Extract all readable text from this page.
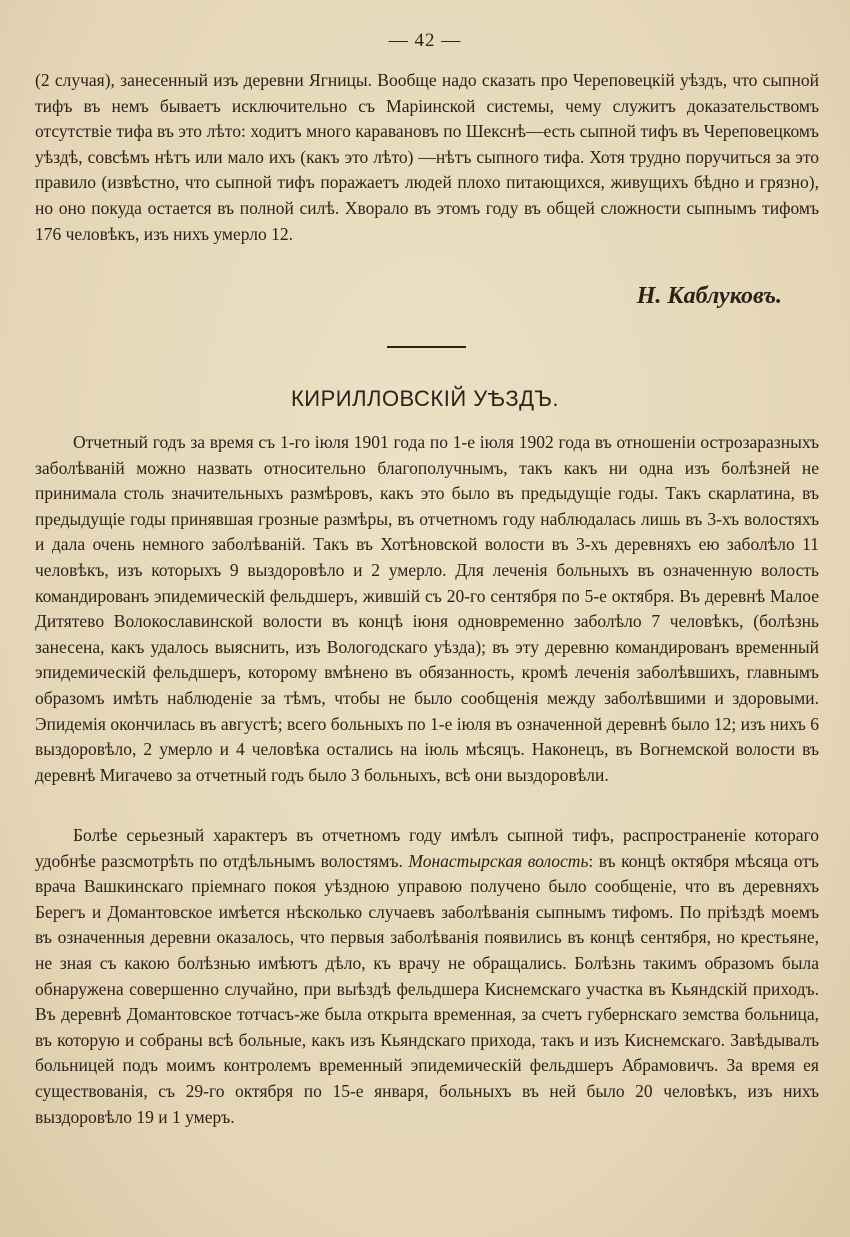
— 42 —

(2 случая), занесенный изъ деревни Ягницы. Вообще надо сказать про Череповецкій уѣздъ, что сыпной тифъ въ немъ бываетъ исключительно съ Маріинской системы, чему служитъ доказательствомъ отсутствіе тифа въ это лѣто: ходитъ много каравановъ по Шекснѣ—есть сыпной тифъ въ Череповецкомъ уѣздѣ, совсѣмъ нѣтъ или мало ихъ (какъ это лѣто) —нѣтъ сыпного тифа. Хотя трудно поручиться за это правило (извѣстно, что сыпной тифъ поражаетъ людей плохо питающихся, живущихъ бѣдно и грязно), но оно покуда остается въ полной силѣ. Хворало въ этомъ году въ общей сложности сыпнымъ тифомъ 176 человѣкъ, изъ нихъ умерло 12.

Н. Каблуковъ.
КИРИЛЛОВСКІЙ УѢЗДЪ.

Отчетный годъ за время съ 1-го іюля 1901 года по 1-е іюля 1902 года въ отношеніи острозаразныхъ заболѣваній можно назвать относительно благополучнымъ, такъ какъ ни одна изъ болѣзней не принимала столь значительныхъ размѣровъ, какъ это было въ предыдущіе годы. Такъ скарлатина, въ предыдущіе годы принявшая грозные размѣры, въ отчетномъ году наблюдалась лишь въ 3-хъ волостяхъ и дала очень немного заболѣваній. Такъ въ Хотѣновской волости въ 3-хъ деревняхъ ею заболѣло 11 человѣкъ, изъ которыхъ 9 выздоровѣло и 2 умерло. Для леченія больныхъ въ означенную волость командированъ эпидемическій фельдшеръ, жившій съ 20-го сентября по 5-е октября. Въ деревнѣ Малое Дитятево Волокославинской волости въ концѣ іюня одновременно заболѣло 7 человѣкъ, (болѣзнь занесена, какъ удалось выяснить, изъ Вологодскаго уѣзда); въ эту деревню командированъ временный эпидемическій фельдшеръ, которому вмѣнено въ обязанность, кромѣ леченія заболѣвшихъ, главнымъ образомъ имѣть наблюденіе за тѣмъ, чтобы не было сообщенія между заболѣвшими и здоровыми. Эпидемія окончилась въ августѣ; всего больныхъ по 1-е іюля въ означенной деревнѣ было 12; изъ нихъ 6 выздоровѣло, 2 умерло и 4 человѣка остались на іюль мѣсяцъ. Наконецъ, въ Вогнемской волости въ деревнѣ Мигачево за отчетный годъ было 3 больныхъ, всѣ они выздоровѣли.

Болѣе серьезный характеръ въ отчетномъ году имѣлъ сыпной тифъ, распространеніе котораго удобнѣе разсмотрѣть по отдѣльнымъ волостямъ. Монастырская волость: въ концѣ октября мѣсяца отъ врача Вашкинскаго пріемнаго покоя уѣздною управою получено было сообщеніе, что въ деревняхъ Берегъ и Домантовское имѣется нѣсколько случаевъ заболѣванія сыпнымъ тифомъ. По пріѣздѣ моемъ въ означенныя деревни оказалось, что первыя заболѣванія появились въ концѣ сентября, но крестьяне, не зная съ какою болѣзнью имѣютъ дѣло, къ врачу не обращались. Болѣзнь такимъ образомъ была обнаружена совершенно случайно, при выѣздѣ фельдшера Киснемскаго участка въ Кьяндскій приходъ. Въ деревнѣ Домантовское тотчасъ-же была открыта временная, за счетъ губернскаго земства больница, въ которую и собраны всѣ больные, какъ изъ Кьяндскаго прихода, такъ и изъ Киснемскаго. Завѣдывалъ больницей подъ моимъ контролемъ временный эпидемическій фельдшеръ Абрамовичъ. За время ея существованія, съ 29-го октября по 15-е января, больныхъ въ ней было 20 человѣкъ, изъ нихъ выздоровѣло 19 и 1 умеръ.
